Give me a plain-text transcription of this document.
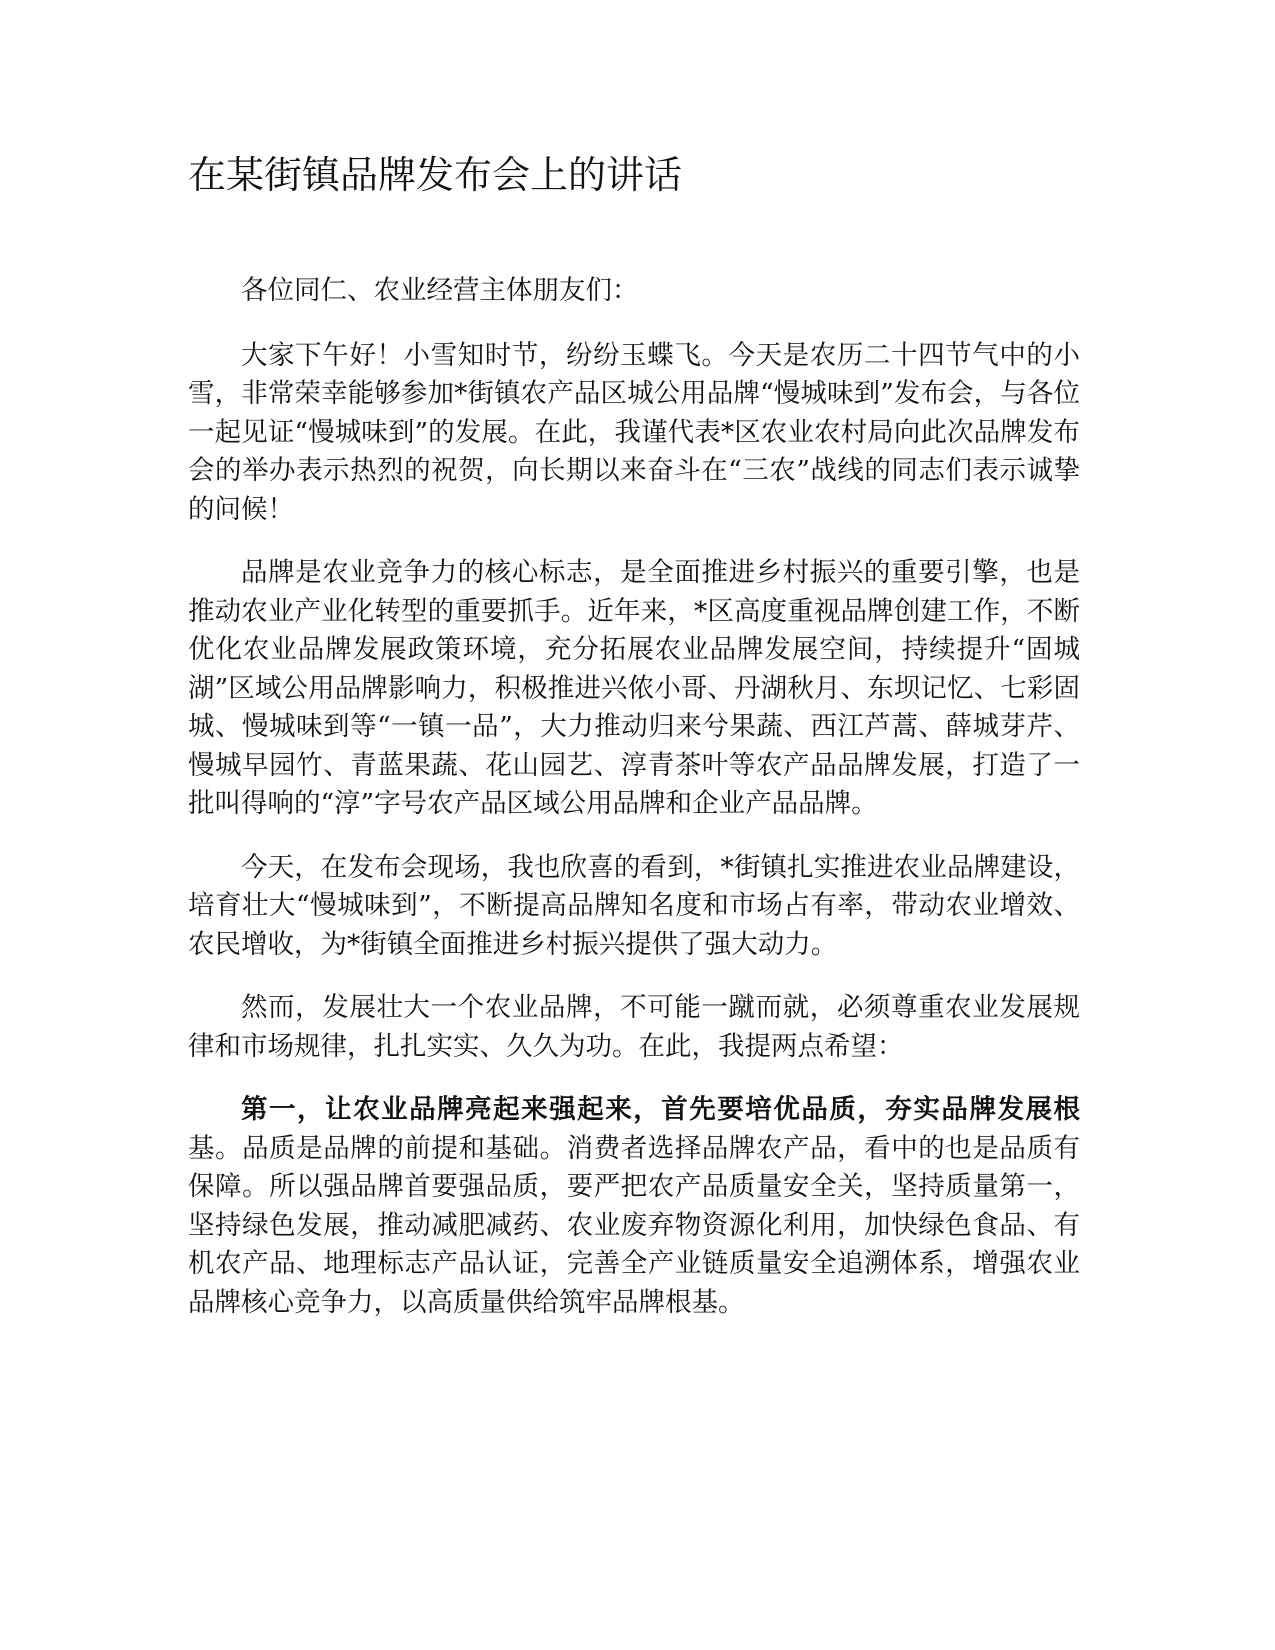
在某街镇品牌发布会上的讲话

各位同仁、农业经营主体朋友们：

大家下午好！小雪知时节，纷纷玉蝶飞。今天是农历二十四节气中的小雪，非常荣幸能够参加*街镇农产品区城公用品牌“慢城味到”发布会，与各位一起见证“慢城味到”的发展。在此，我谨代表*区农业农村局向此次品牌发布会的举办表示热烈的祝贺，向长期以来奋斗在“三农”战线的同志们表示诚挚的问候！

品牌是农业竞争力的核心标志，是全面推进乡村振兴的重要引擎，也是推动农业产业化转型的重要抓手。近年来，*区高度重视品牌创建工作，不断优化农业品牌发展政策环境，充分拓展农业品牌发展空间，持续提升“固城湖”区域公用品牌影响力，积极推进兴侬小哥、丹湖秋月、东坝记忆、七彩固城、慢城味到等“一镇一品”，大力推动归来兮果蔬、西江芦蒿、薛城芽芹、慢城早园竹、青蓝果蔬、花山园艺、淳青茶叶等农产品品牌发展，打造了一批叫得响的“淳”字号农产品区域公用品牌和企业产品品牌。

今天，在发布会现场，我也欣喜的看到，*街镇扎实推进农业品牌建设，培育壮大“慢城味到”，不断提高品牌知名度和市场占有率，带动农业增效、农民增收，为*街镇全面推进乡村振兴提供了强大动力。

然而，发展壮大一个农业品牌，不可能一蹴而就，必须尊重农业发展规律和市场规律，扎扎实实、久久为功。在此，我提两点希望：

第一，让农业品牌亮起来强起来，首先要培优品质，夯实品牌发展根基。品质是品牌的前提和基础。消费者选择品牌农产品，看中的也是品质有保障。所以强品牌首要强品质，要严把农产品质量安全关，坚持质量第一，坚持绿色发展，推动减肥减药、农业废弃物资源化利用，加快绿色食品、有机农产品、地理标志产品认证，完善全产业链质量安全追溯体系，增强农业品牌核心竞争力，以高质量供给筑牢品牌根基。
